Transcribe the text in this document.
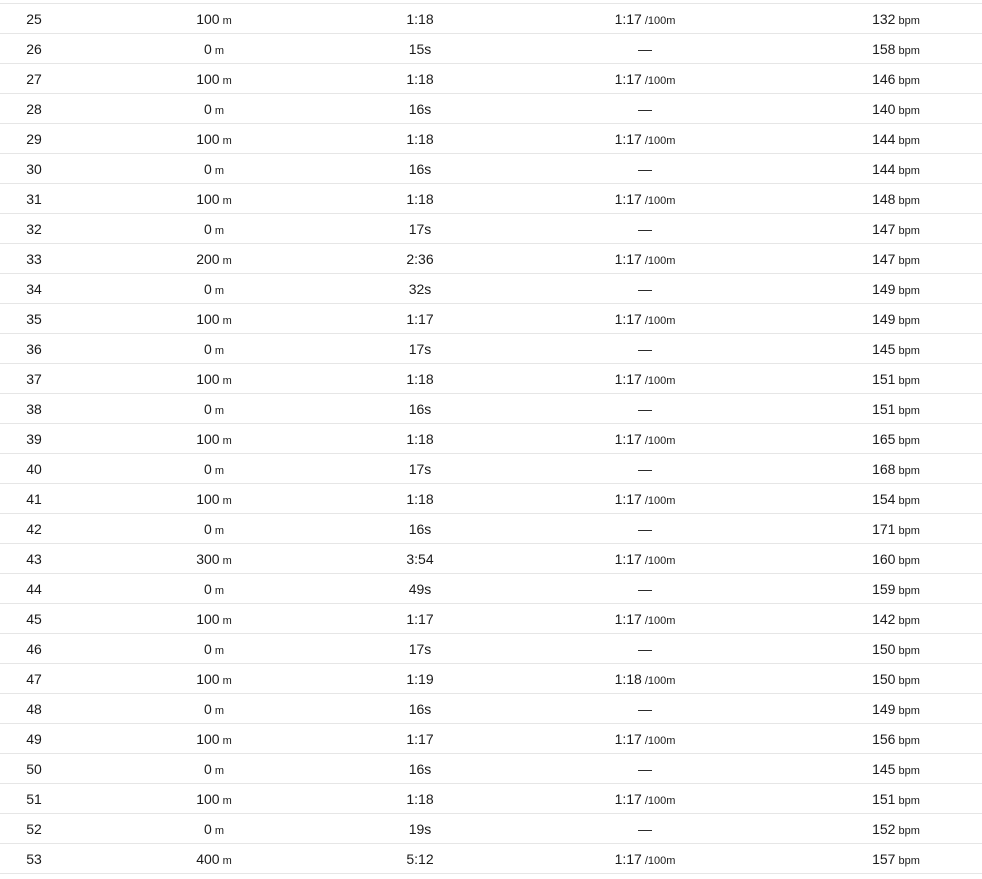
25	100 m	1:18	1:17 /100m	132 bpm
26	0 m	15s	—	158 bpm
27	100 m	1:18	1:17 /100m	146 bpm
28	0 m	16s	—	140 bpm
29	100 m	1:18	1:17 /100m	144 bpm
30	0 m	16s	—	144 bpm
31	100 m	1:18	1:17 /100m	148 bpm
32	0 m	17s	—	147 bpm
33	200 m	2:36	1:17 /100m	147 bpm
34	0 m	32s	—	149 bpm
35	100 m	1:17	1:17 /100m	149 bpm
36	0 m	17s	—	145 bpm
37	100 m	1:18	1:17 /100m	151 bpm
38	0 m	16s	—	151 bpm
39	100 m	1:18	1:17 /100m	165 bpm
40	0 m	17s	—	168 bpm
41	100 m	1:18	1:17 /100m	154 bpm
42	0 m	16s	—	171 bpm
43	300 m	3:54	1:17 /100m	160 bpm
44	0 m	49s	—	159 bpm
45	100 m	1:17	1:17 /100m	142 bpm
46	0 m	17s	—	150 bpm
47	100 m	1:19	1:18 /100m	150 bpm
48	0 m	16s	—	149 bpm
49	100 m	1:17	1:17 /100m	156 bpm
50	0 m	16s	—	145 bpm
51	100 m	1:18	1:17 /100m	151 bpm
52	0 m	19s	—	152 bpm
53	400 m	5:12	1:17 /100m	157 bpm
